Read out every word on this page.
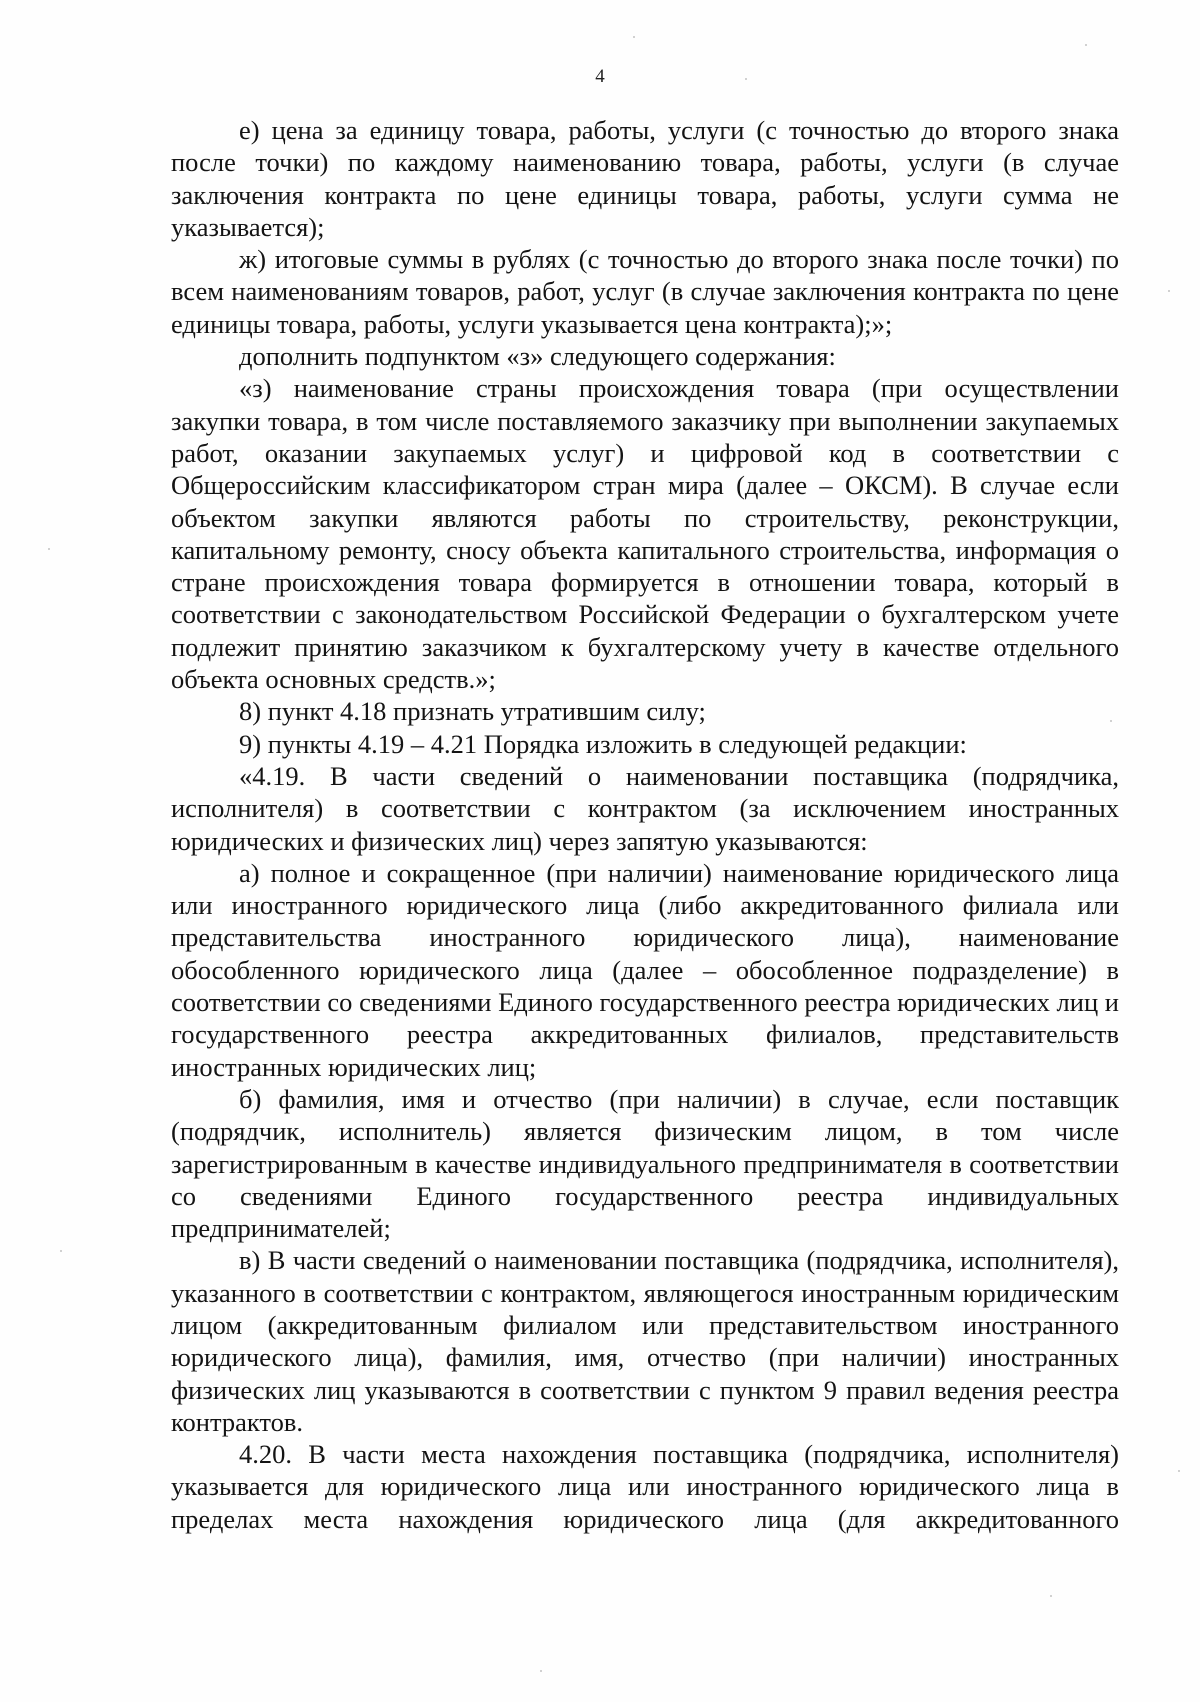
4

е) цена за единицу товара, работы, услуги (с точностью до второго знака после точки) по каждому наименованию товара, работы, услуги (в случае заключения контракта по цене единицы товара, работы, услуги сумма не указывается);

ж) итоговые суммы в рублях (с точностью до второго знака после точки) по всем наименованиям товаров, работ, услуг (в случае заключения контракта по цене единицы товара, работы, услуги указывается цена контракта);»;

дополнить подпунктом «з» следующего содержания:

«з) наименование страны происхождения товара (при осуществлении закупки товара, в том числе поставляемого заказчику при выполнении закупаемых работ, оказании закупаемых услуг) и цифровой код в соответствии с Общероссийским классификатором стран мира (далее – ОКСМ). В случае если объектом закупки являются работы по строительству, реконструкции, капитальному ремонту, сносу объекта капитального строительства, информация о стране происхождения товара формируется в отношении товара, который в соответствии с законодательством Российской Федерации о бухгалтерском учете подлежит принятию заказчиком к бухгалтерскому учету в качестве отдельного объекта основных средств.»;

8) пункт 4.18 признать утратившим силу;

9) пункты 4.19 – 4.21 Порядка изложить в следующей редакции:

«4.19. В части сведений о наименовании поставщика (подрядчика, исполнителя) в соответствии с контрактом (за исключением иностранных юридических и физических лиц) через запятую указываются:

а) полное и сокращенное (при наличии) наименование юридического лица или иностранного юридического лица (либо аккредитованного филиала или представительства иностранного юридического лица), наименование обособленного юридического лица (далее – обособленное подразделение) в соответствии со сведениями Единого государственного реестра юридических лиц и государственного реестра аккредитованных филиалов, представительств иностранных юридических лиц;

б) фамилия, имя и отчество (при наличии) в случае, если поставщик (подрядчик, исполнитель) является физическим лицом, в том числе зарегистрированным в качестве индивидуального предпринимателя в соответствии со сведениями Единого государственного реестра индивидуальных предпринимателей;

в) В части сведений о наименовании поставщика (подрядчика, исполнителя), указанного в соответствии с контрактом, являющегося иностранным юридическим лицом (аккредитованным филиалом или представительством иностранного юридического лица), фамилия, имя, отчество (при наличии) иностранных физических лиц указываются в соответствии с пунктом 9 правил ведения реестра контрактов.

4.20. В части места нахождения поставщика (подрядчика, исполнителя) указывается для юридического лица или иностранного юридического лица в пределах места нахождения юридического лица (для аккредитованного
